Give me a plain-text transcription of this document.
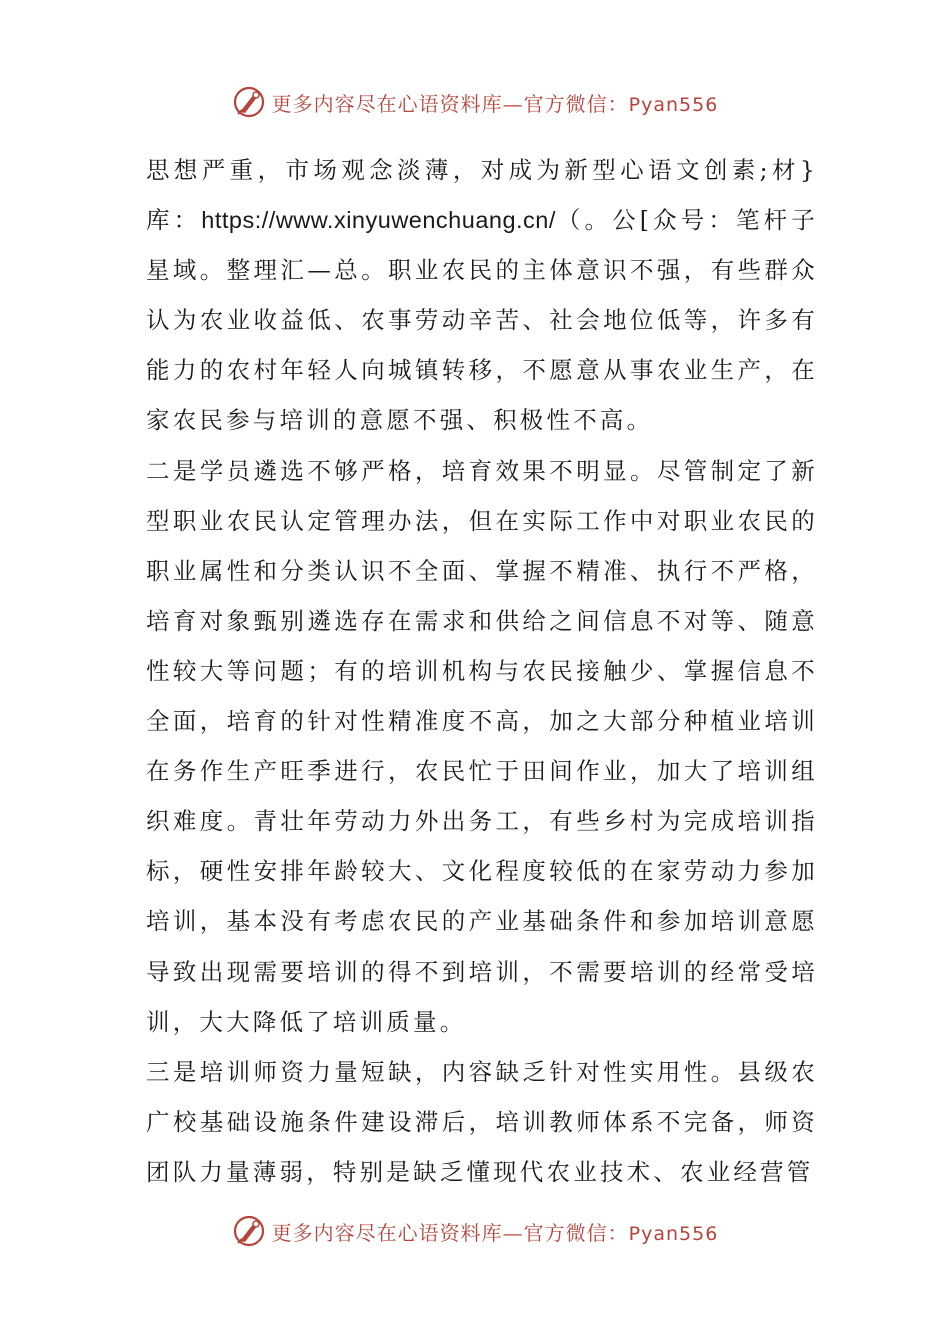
更多内容尽在心语资料库—官方微信：Pyan556

思想严重，市场观念淡薄，对成为新型心语文创素;材}库：https://www.xinyuwenchuang.cn/（。公[众号：笔杆子星域。整理汇—总。职业农民的主体意识不强，有些群众认为农业收益低、农事劳动辛苦、社会地位低等，许多有能力的农村年轻人向城镇转移，不愿意从事农业生产，在家农民参与培训的意愿不强、积极性不高。

二是学员遴选不够严格，培育效果不明显。尽管制定了新型职业农民认定管理办法，但在实际工作中对职业农民的职业属性和分类认识不全面、掌握不精准、执行不严格，培育对象甄别遴选存在需求和供给之间信息不对等、随意性较大等问题；有的培训机构与农民接触少、掌握信息不全面，培育的针对性精准度不高，加之大部分种植业培训在务作生产旺季进行，农民忙于田间作业，加大了培训组织难度。青壮年劳动力外出务工，有些乡村为完成培训指标，硬性安排年龄较大、文化程度较低的在家劳动力参加培训，基本没有考虑农民的产业基础条件和参加培训意愿导致出现需要培训的得不到培训，不需要培训的经常受培训，大大降低了培训质量。

三是培训师资力量短缺，内容缺乏针对性实用性。县级农广校基础设施条件建设滞后，培训教师体系不完备，师资团队力量薄弱，特别是缺乏懂现代农业技术、农业经营管

更多内容尽在心语资料库—官方微信：Pyan556
